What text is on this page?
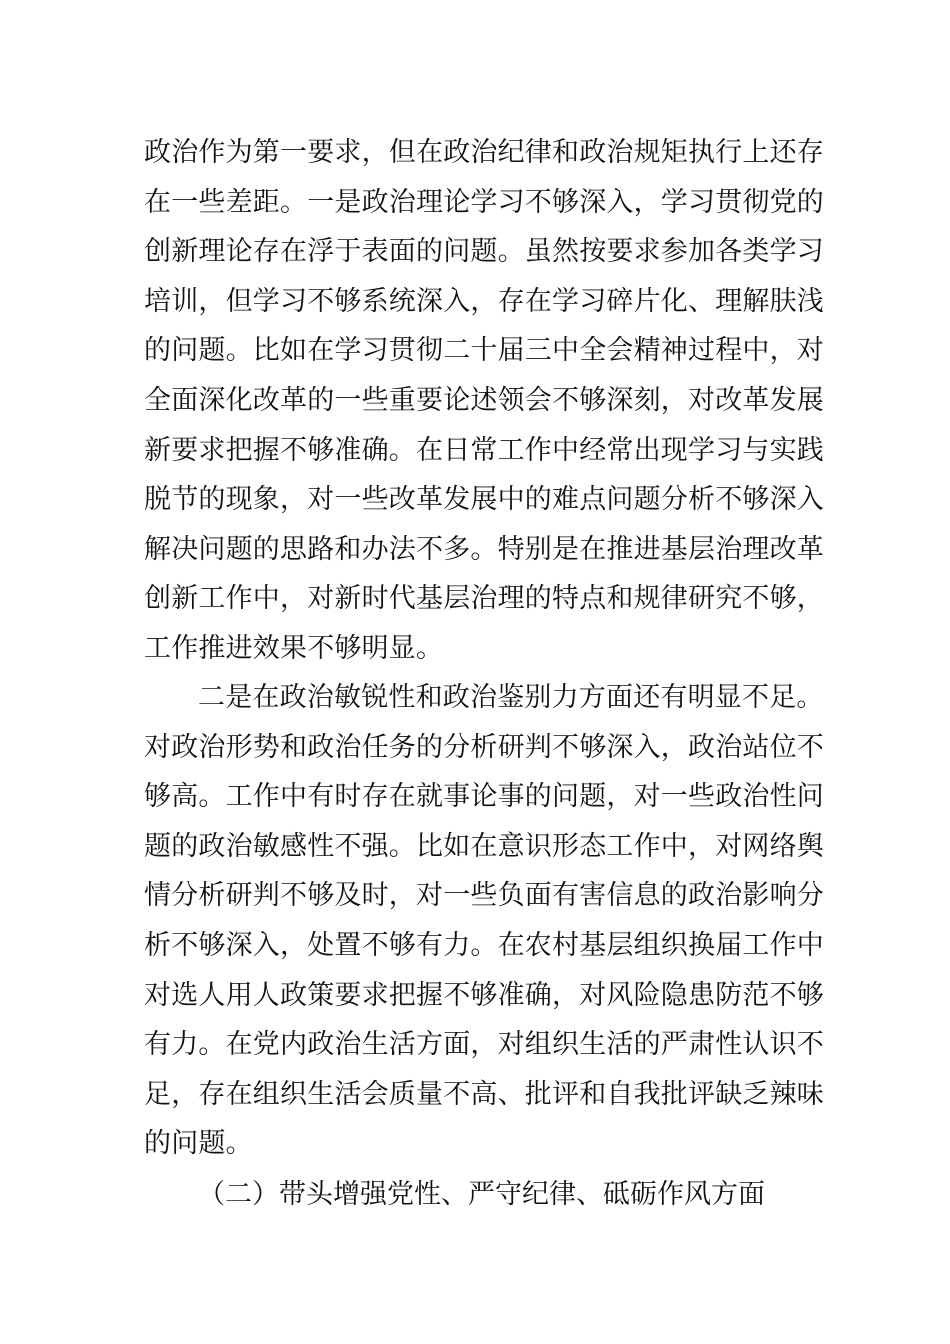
政治作为第一要求，但在政治纪律和政治规矩执行上还存
在一些差距。一是政治理论学习不够深入，学习贯彻党的
创新理论存在浮于表面的问题。虽然按要求参加各类学习
培训，但学习不够系统深入，存在学习碎片化、理解肤浅
的问题。比如在学习贯彻二十届三中全会精神过程中，对
全面深化改革的一些重要论述领会不够深刻，对改革发展
新要求把握不够准确。在日常工作中经常出现学习与实践
脱节的现象，对一些改革发展中的难点问题分析不够深入
解决问题的思路和办法不多。特别是在推进基层治理改革
创新工作中，对新时代基层治理的特点和规律研究不够，
工作推进效果不够明显。
二是在政治敏锐性和政治鉴别力方面还有明显不足。
对政治形势和政治任务的分析研判不够深入，政治站位不
够高。工作中有时存在就事论事的问题，对一些政治性问
题的政治敏感性不强。比如在意识形态工作中，对网络舆
情分析研判不够及时，对一些负面有害信息的政治影响分
析不够深入，处置不够有力。在农村基层组织换届工作中
对选人用人政策要求把握不够准确，对风险隐患防范不够
有力。在党内政治生活方面，对组织生活的严肃性认识不
足，存在组织生活会质量不高、批评和自我批评缺乏辣味
的问题。
（二）带头增强党性、严守纪律、砥砺作风方面
